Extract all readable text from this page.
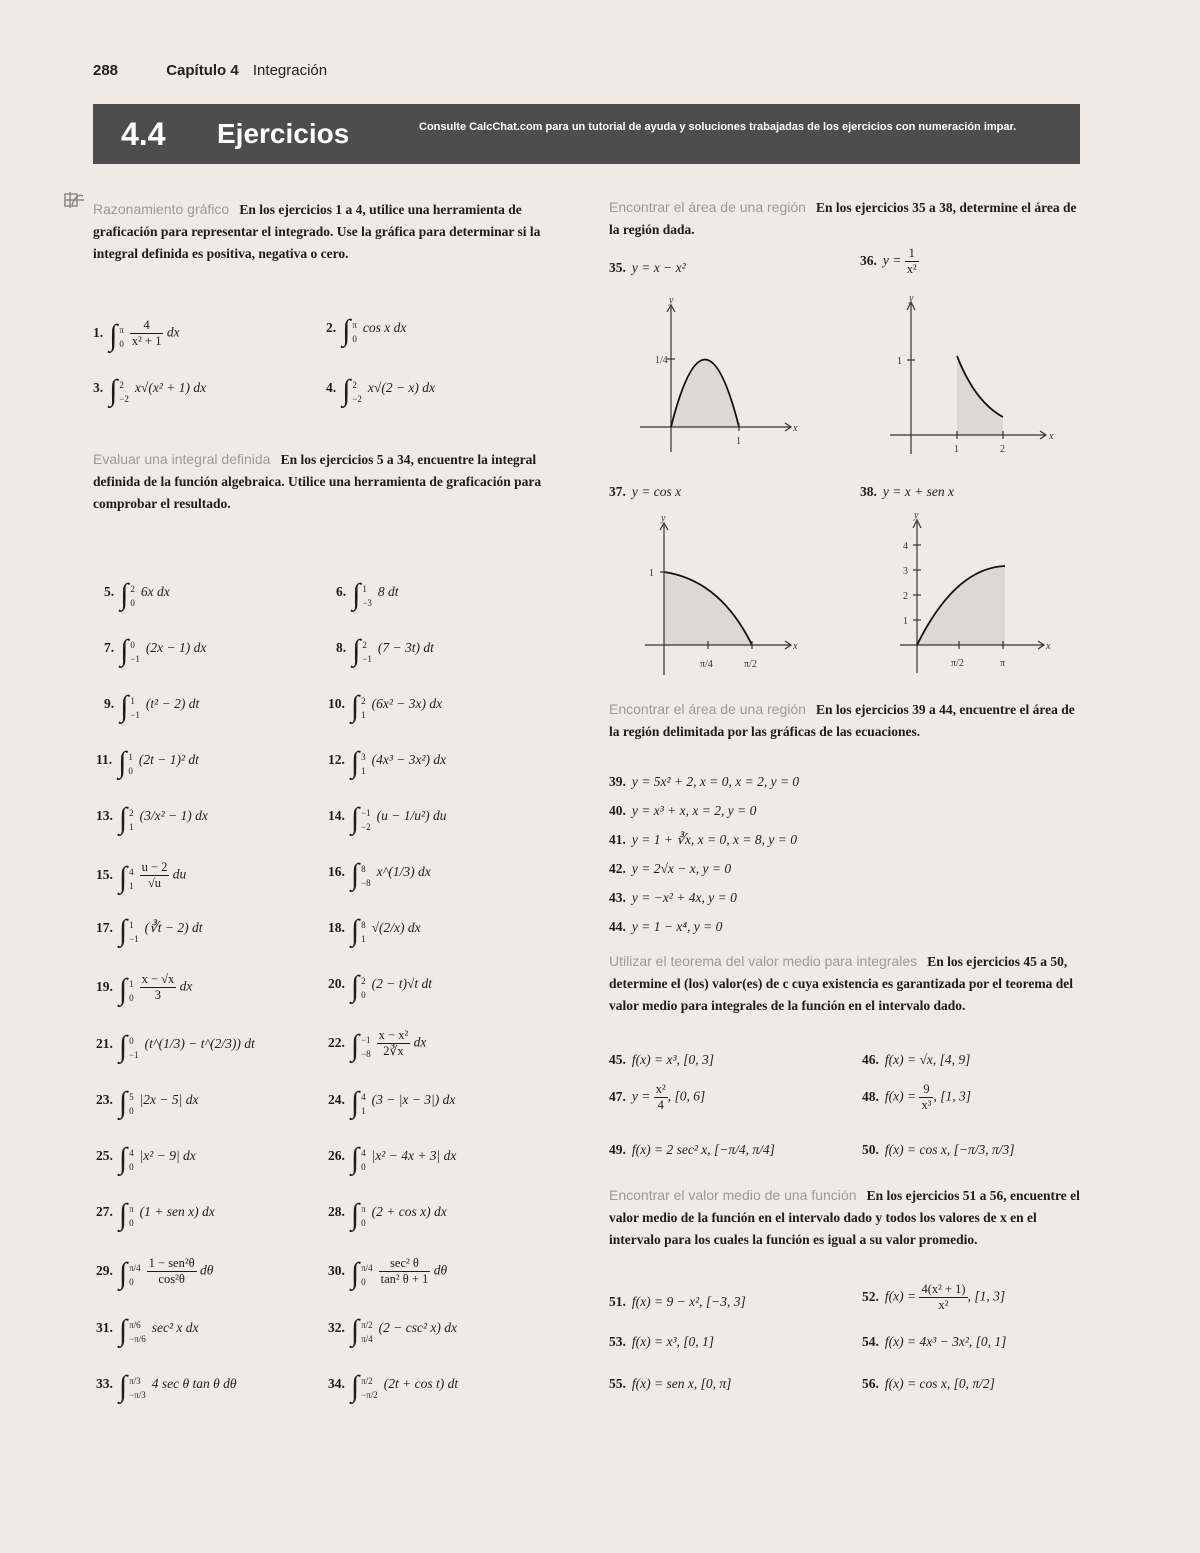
288	Capítulo 4 Integración
4.4 Ejercicios	Consulte CalcChat.com para un tutorial de ayuda y soluciones trabajadas de los ejercicios con numeración impar.

Razonamiento gráfico En los ejercicios 1 a 4, utilice una herramienta de graficación para representar el integrado. Use la gráfica para determinar si la integral definida es positiva, negativa o cero.

1. ∫ π
$0 \frac{4}{\text{x² + 1}}$ dx	2. ∫ π
0
cos x dx
3. ∫ 2
−2
x√(x² + 1) dx	4. ∫ 2
−2
x√(2 − x) dx

Evaluar una integral definida En los ejercicios 5 a 34, encuentre la integral definida de la función algebraica. Utilice una herramienta de graficación para comprobar el resultado.

5. ∫ 2
0
6x dx	6. ∫ 1
−3
8 dt
7. ∫ 0
−1
(2x − 1) dx	8. ∫ 2
−1
(7 − 3t) dt
9. ∫ 1
−1
(t² − 2) dt	10. ∫ 2
1
(6x² − 3x) dx
11. ∫ 1
0
(2t − 1)² dt	12. ∫ 3
1
(4x³ − 3x²) dx
13. ∫ 2
1
(3/x² − 1) dx	14. ∫ −1
−2
(u − 1/u²) du
15. ∫ 4
$1 \frac{u - 2}{√u}$ du	16. ∫ 8
−8
x^(1/3) dx
17. ∫ 1
−1
(∛t − 2) dt	18. ∫ 8
1
√(2/x) dx
19. ∫ 1
$0 \frac{x - √x}{3}$ dx	20. ∫ 2
0
(2 − t)√t dt
21. ∫ 0
−1
(t^(1/3) − t^(2/3)) dt	22. ∫ −1
$-8 \frac{\text{x − x²}}{2∛x}$ dx
23. ∫ 5
0
|2x − 5| dx	24. ∫ 4
1
(3 − |x − 3|) dx
25. ∫ 4
0
|x² − 9| dx	26. ∫ 4
0
|x² − 4x + 3| dx
27. ∫ π
0
(1 + sen x) dx	28. ∫ π
0
(2 + cos x) dx
29. ∫ π/4
0
1 − sen²θ
cos²θ
dθ	30. ∫ π/4
0
sec² θ
tan² θ + 1
dθ
31. ∫ π/6
−π/6
sec² x dx	32. ∫ π/2
π/4
(2 − csc² x) dx
33. ∫ π/3
−π/3
4 sec θ tan θ dθ	34. ∫ π/2
−π/2
(2t + cos t) dt

Encontrar el área de una región En los ejercicios 35 a 38, determine el área de la región dada.

35. y = x − x²	36. $y = \frac{1}{\text{x²}}$
y
x
1/4
1
y
x
1
1	2
37. y = cos x	38. y = x + sen x
y
x
1
π/4	π/2
y
x
1
2
3
4
π/2	π

Encontrar el área de una región En los ejercicios 39 a 44, encuentre el área de la región delimitada por las gráficas de las ecuaciones.

39. y = 5x² + 2, x = 0, x = 2, y = 0
40. y = x³ + x, x = 2, y = 0
41. y = 1 + ∛x, x = 0, x = 8, y = 0
42. y = 2√x − x, y = 0
43. y = −x² + 4x, y = 0
44. y = 1 − x⁴, y = 0

Utilizar el teorema del valor medio para integrales En los ejercicios 45 a 50, determine el (los) valor(es) de c cuya existencia es garantizada por el teorema del valor medio para integrales de la función en el intervalo dado.

45. f(x) = x³, [0, 3]	46. f(x) = √x, [4, 9]
47. $y = \frac{\text{x²}}{4}$ , [0, 6]	48. $f(x) = \frac{9}{\text{x³}}$ , [1, 3]
49. f(x) = 2 sec² x, [−π/4, π/4]	50. f(x) = cos x, [−π/3, π/3]

Encontrar el valor medio de una función En los ejercicios 51 a 56, encuentre el valor medio de la función en el intervalo dado y todos los valores de x en el intervalo para los cuales la función es igual a su valor promedio.

51. f(x) = 9 − x², [−3, 3]	52. $f(x) = \frac{\text{4(x² + 1)}}{\text{x²}}$ , [1, 3]
53. f(x) = x³, [0, 1]	54. f(x) = 4x³ − 3x², [0, 1]
55. f(x) = sen x, [0, π]	56. f(x) = cos x, [0, π/2]
